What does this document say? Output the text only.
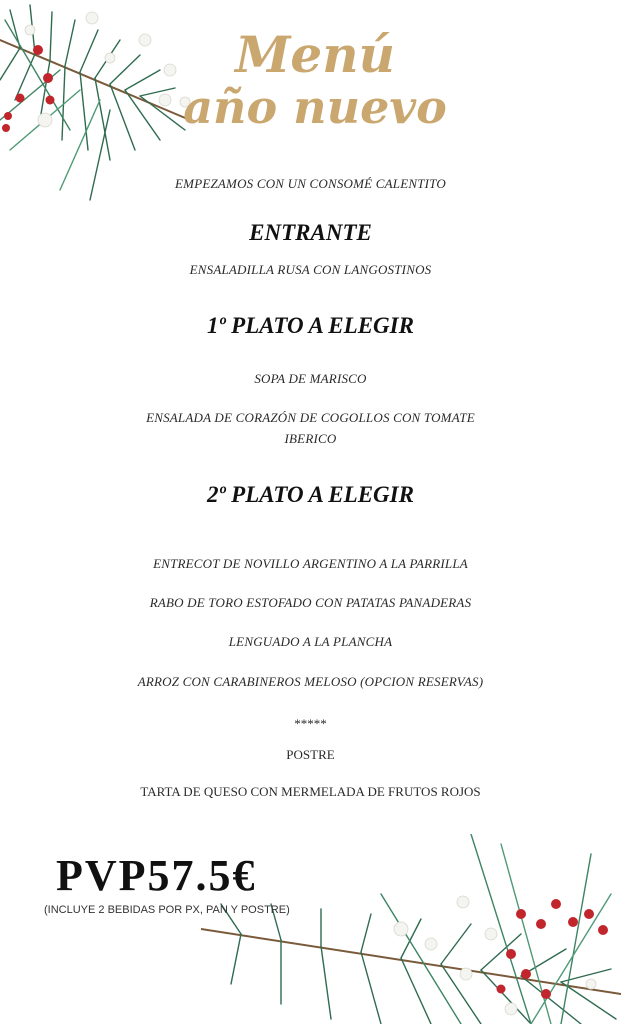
Menú
año nuevo
EMPEZAMOS CON UN CONSOMÉ CALENTITO
ENTRANTE
ENSALADILLA RUSA CON LANGOSTINOS
1º PLATO A ELEGIR
SOPA DE MARISCO
ENSALADA DE CORAZÓN DE COGOLLOS CON TOMATE
IBERICO
2º PLATO A ELEGIR
ENTRECOT DE NOVILLO ARGENTINO A LA PARRILLA
RABO DE TORO ESTOFADO CON PATATAS PANADERAS
LENGUADO A LA PLANCHA
ARROZ CON CARABINEROS MELOSO (OPCION RESERVAS)
*****
POSTRE
TARTA DE QUESO CON MERMELADA DE FRUTOS ROJOS
PVP57.5€
(INCLUYE 2 BEBIDAS POR PX, PAN Y POSTRE)
